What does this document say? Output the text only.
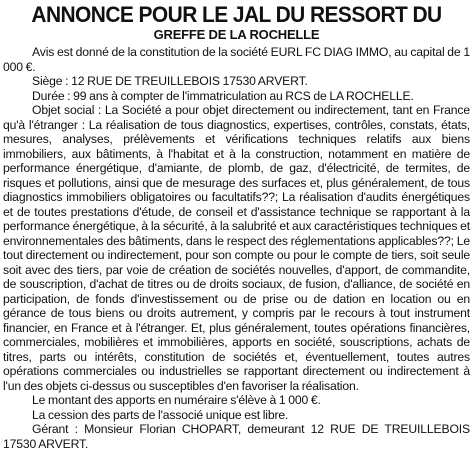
ANNONCE POUR LE JAL DU RESSORT DU
GREFFE DE LA ROCHELLE

Avis est donné de la constitution de la société EURL FC DIAG IMMO, au capital de 1 000 €.

Siège : 12 RUE DE TREUILLEBOIS 17530 ARVERT.

Durée : 99 ans à compter de l'immatriculation au RCS de LA ROCHELLE.

Objet social : La Société a pour objet directement ou indirectement, tant en France qu'à l'étranger : La réalisation de tous diagnostics, expertises, contrôles, constats, états, mesures, analyses, prélèvements et vérifications techniques relatifs aux biens immobiliers, aux bâtiments, à l'habitat et à la construction, notamment en matière de performance énergétique, d'amiante, de plomb, de gaz, d'électricité, de termites, de risques et pollutions, ainsi que de mesurage des surfaces et, plus généralement, de tous diagnostics immobiliers obligatoires ou facultatifs??; La réalisation d'audits énergétiques et de toutes prestations d'étude, de conseil et d'assistance technique se rapportant à la performance énergétique, à la sécurité, à la salubrité et aux caractéristiques techniques et environnementales des bâtiments, dans le respect des réglementations applicables??; Le tout directement ou indirectement, pour son compte ou pour le compte de tiers, soit seule soit avec des tiers, par voie de création de sociétés nouvelles, d'apport, de commandite, de souscription, d'achat de titres ou de droits sociaux, de fusion, d'alliance, de société en participation, de fonds d'investissement ou de prise ou de dation en location ou en gérance de tous biens ou droits autrement, y compris par le recours à tout instrument financier, en France et à l'étranger. Et, plus généralement, toutes opérations financières, commerciales, mobilières et immobilières, apports en société, souscriptions, achats de titres, parts ou intérêts, constitution de sociétés et, éventuellement, toutes autres opérations commerciales ou industrielles se rapportant directement ou indirectement à l'un des objets ci-dessus ou susceptibles d'en favoriser la réalisation.

Le montant des apports en numéraire s'élève à 1 000 €.

La cession des parts de l'associé unique est libre.

Gérant : Monsieur Florian CHOPART, demeurant 12 RUE DE TREUILLEBOIS 17530 ARVERT.
